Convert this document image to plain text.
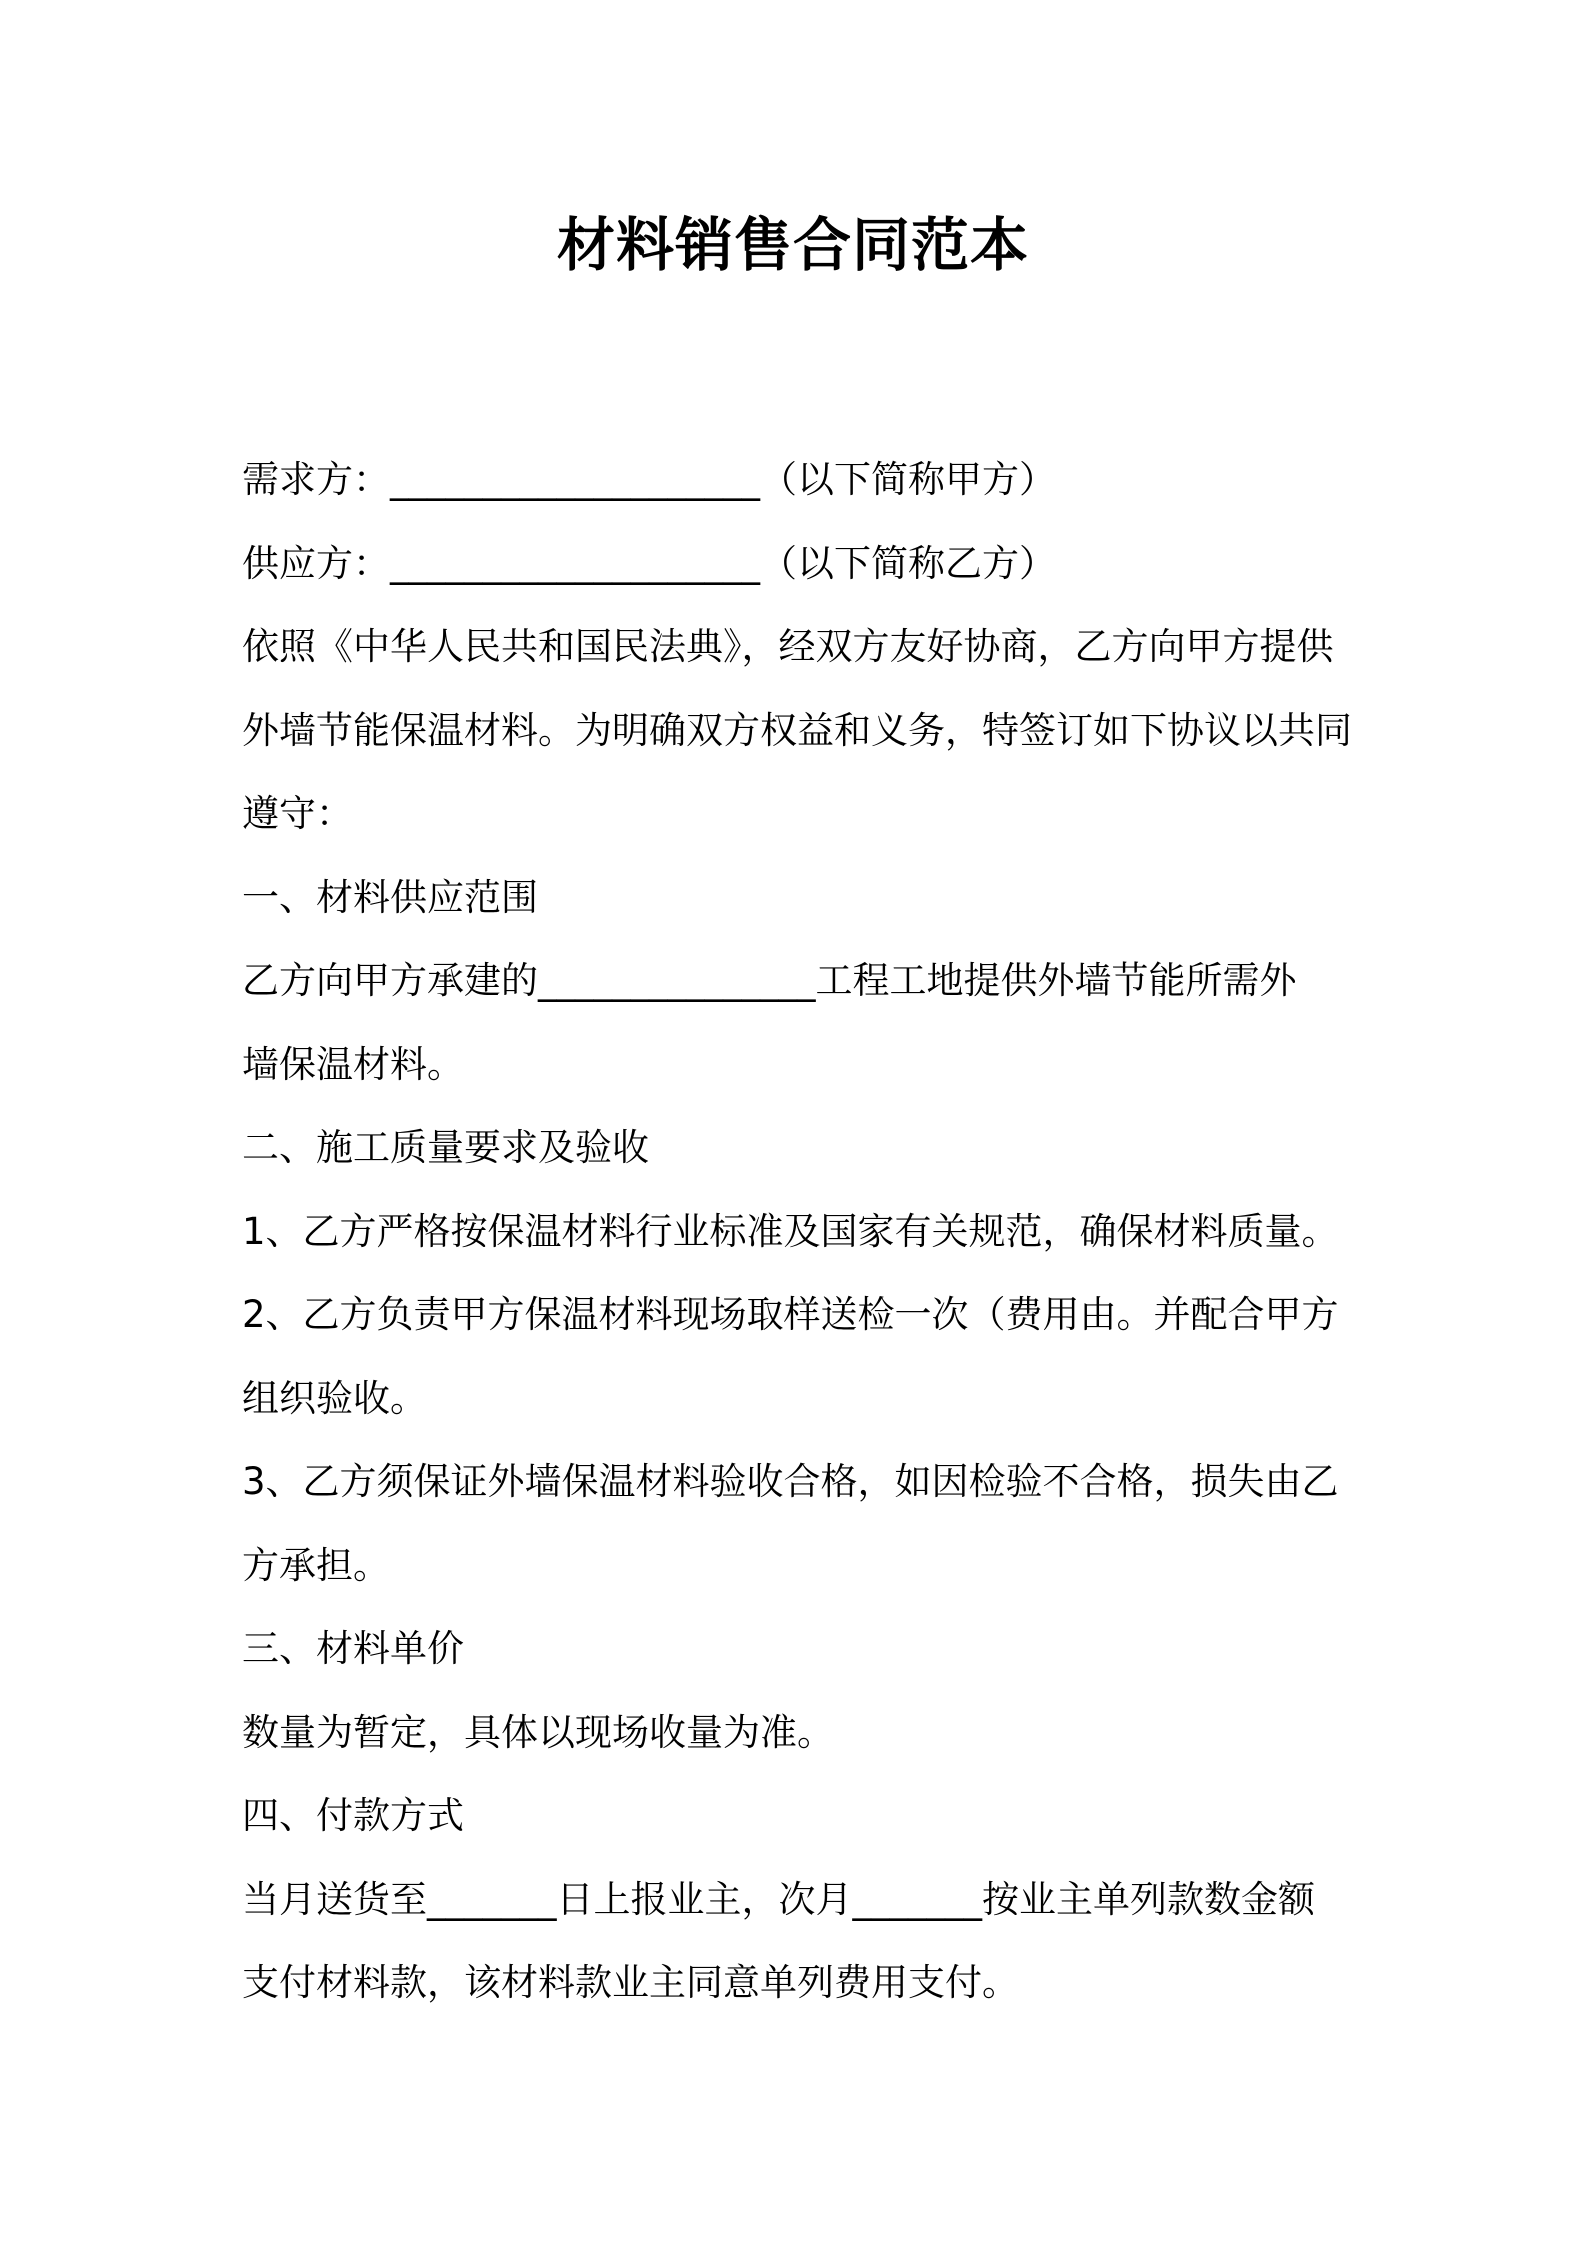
材料销售合同范本
需求方：____________________（以下简称甲方）
供应方：____________________（以下简称乙方）
依照《中华人民共和国民法典》，经双方友好协商，乙方向甲方提供
外墙节能保温材料。为明确双方权益和义务，特签订如下协议以共同
遵守：
一、材料供应范围
乙方向甲方承建的_______________工程工地提供外墙节能所需外
墙保温材料。
二、施工质量要求及验收
1、乙方严格按保温材料行业标准及国家有关规范，确保材料质量。
2、乙方负责甲方保温材料现场取样送检一次（费用由。并配合甲方
组织验收。
3、乙方须保证外墙保温材料验收合格，如因检验不合格，损失由乙
方承担。
三、材料单价
数量为暂定，具体以现场收量为准。
四、付款方式
当月送货至_______日上报业主，次月_______按业主单列款数金额
支付材料款，该材料款业主同意单列费用支付。
